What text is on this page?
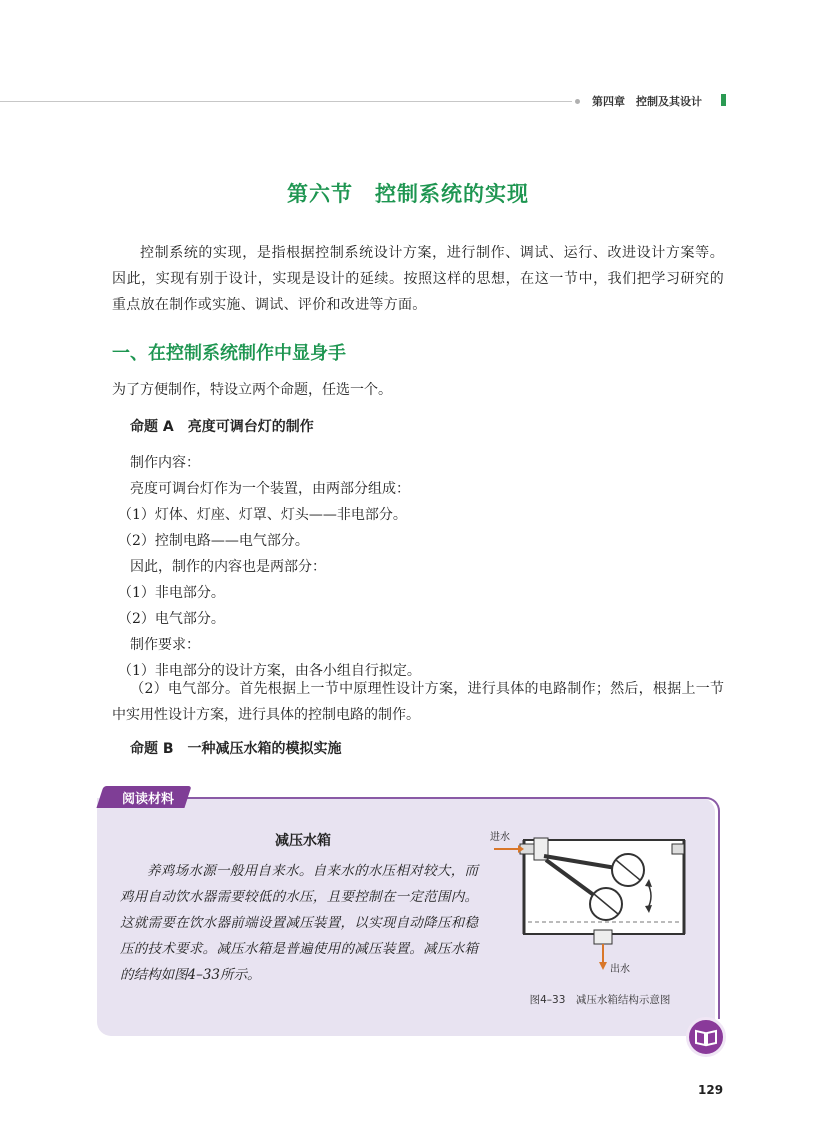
第四章　控制及其设计
第六节　控制系统的实现
控制系统的实现，是指根据控制系统设计方案，进行制作、调试、运行、改进设计方案等。因此，实现有别于设计，实现是设计的延续。按照这样的思想，在这一节中，我们把学习研究的重点放在制作或实施、调试、评价和改进等方面。
一、在控制系统制作中显身手
为了方便制作，特设立两个命题，任选一个。
命题 A　亮度可调台灯的制作
制作内容：
亮度可调台灯作为一个装置，由两部分组成：
（1）灯体、灯座、灯罩、灯头——非电部分。
（2）控制电路——电气部分。
因此，制作的内容也是两部分：
（1）非电部分。
（2）电气部分。
制作要求：
（1）非电部分的设计方案，由各小组自行拟定。
（2）电气部分。首先根据上一节中原理性设计方案，进行具体的电路制作；然后，根据上一节中实用性设计方案，进行具体的控制电路的制作。
命题 B　一种减压水箱的模拟实施
阅读材料
减压水箱
养鸡场水源一般用自来水。自来水的水压相对较大，而鸡用自动饮水器需要较低的水压，且要控制在一定范围内。这就需要在饮水器前端设置减压装置，以实现自动降压和稳压的技术要求。减压水箱是普遍使用的减压装置。减压水箱的结构如图4–33所示。
进水
出水
图4–33　减压水箱结构示意图
129
